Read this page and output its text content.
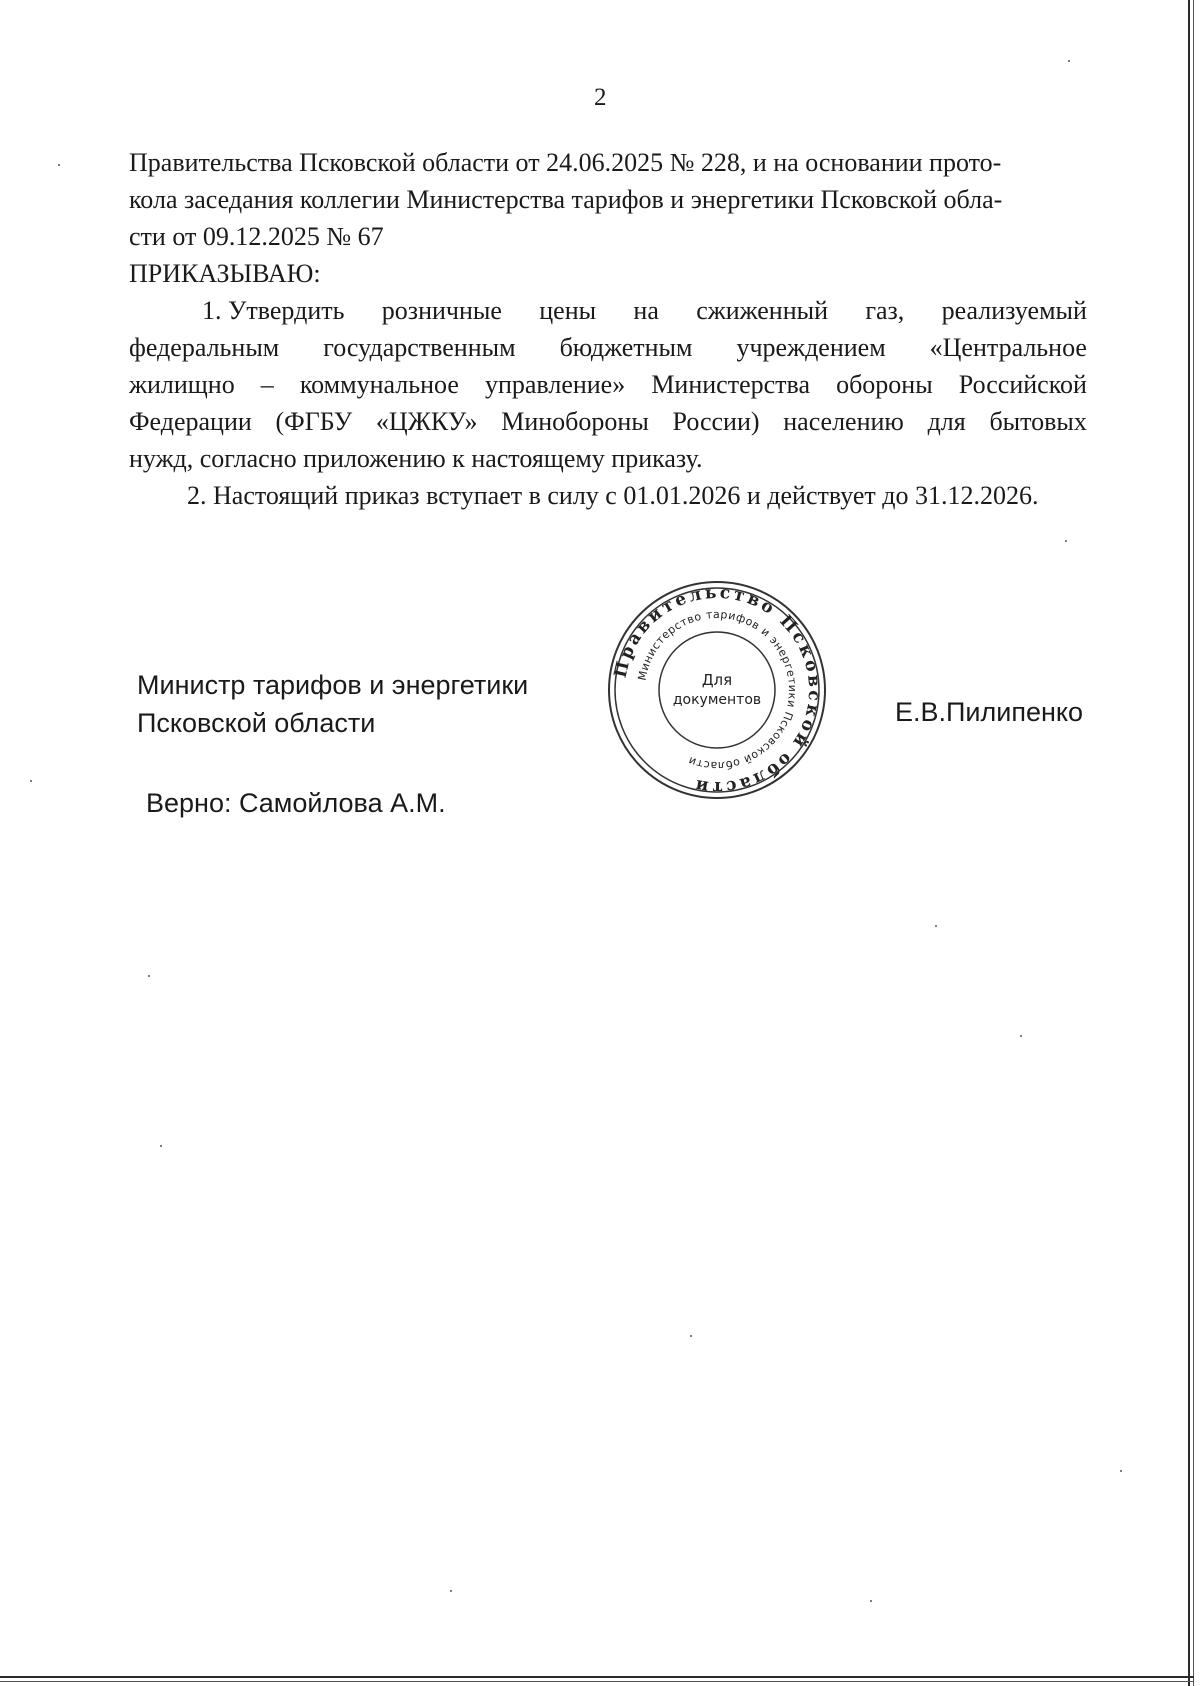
2
Правительства Псковской области от 24.06.2025 № 228, и на основании прото-
кола заседания коллегии Министерства тарифов и энергетики Псковской обла-
сти от 09.12.2025 № 67
ПРИКАЗЫВАЮ:
1. Утвердить розничные цены на сжиженный газ, реализуемый
федеральным государственным бюджетным учреждением «Центральное
жилищно – коммунальное управление» Министерства обороны Российской
Федерации (ФГБУ «ЦЖКУ» Минобороны России) населению для бытовых
нужд, согласно приложению к настоящему приказу.
2. Настоящий приказ вступает в силу с 01.01.2026 и действует до 31.12.2026.
Министр тарифов и энергетики
Псковской области	Е.В.Пилипенко
Верно: Самойлова А.М.
Правительство Псковской области
Министерство тарифов и энергетики Псковской области
Для
документов
